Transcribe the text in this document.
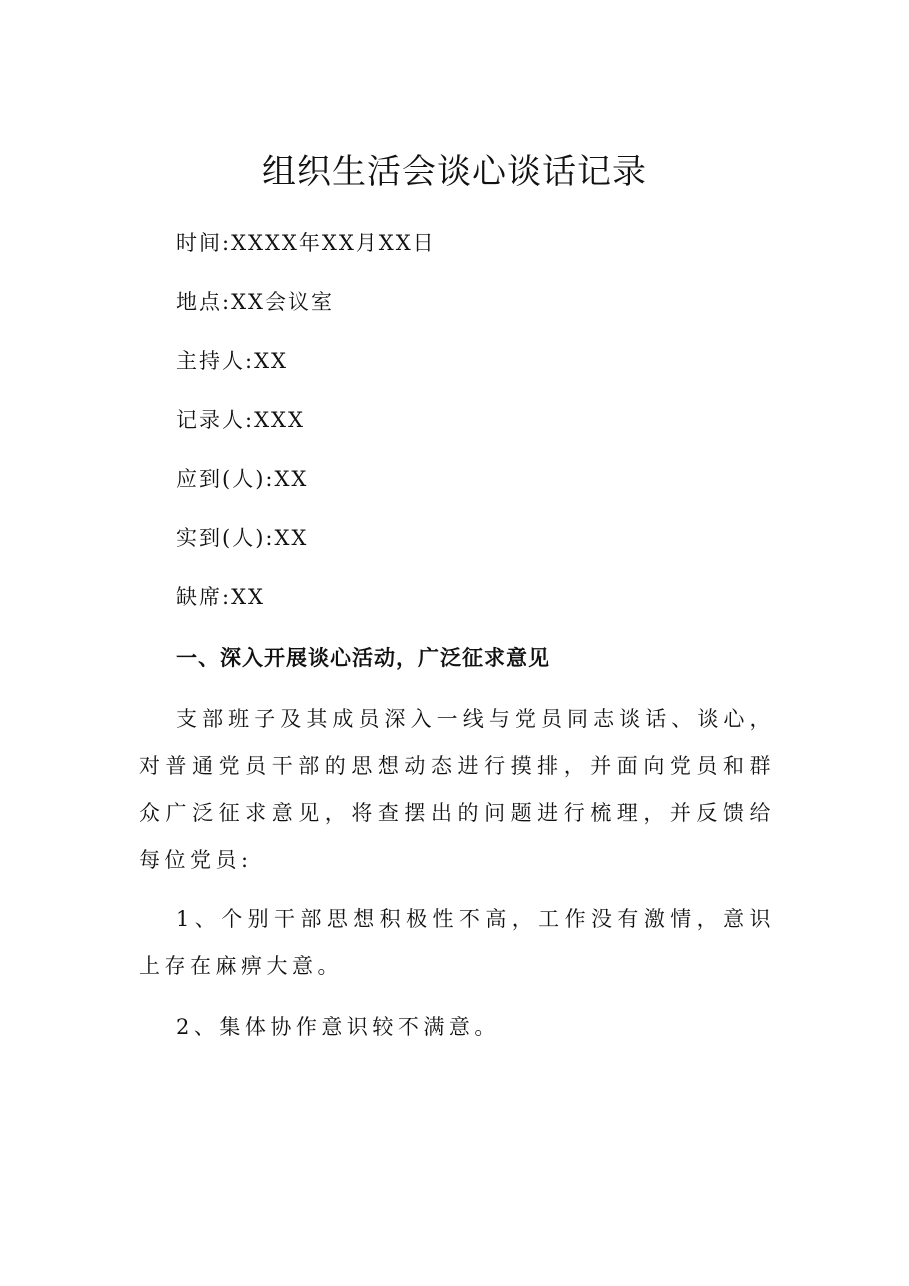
组织生活会谈心谈话记录
时间:XXXX年XX月XX日
地点:XX会议室
主持人:XX
记录人:XXX
应到(人):XX
实到(人):XX
缺席:XX
一、深入开展谈心活动，广泛征求意见

支部班子及其成员深入一线与党员同志谈话、谈心，对普通党员干部的思想动态进行摸排，并面向党员和群众广泛征求意见，将查摆出的问题进行梳理，并反馈给每位党员:

1、个别干部思想积极性不高，工作没有激情，意识上存在麻痹大意。

2、集体协作意识较不满意。
